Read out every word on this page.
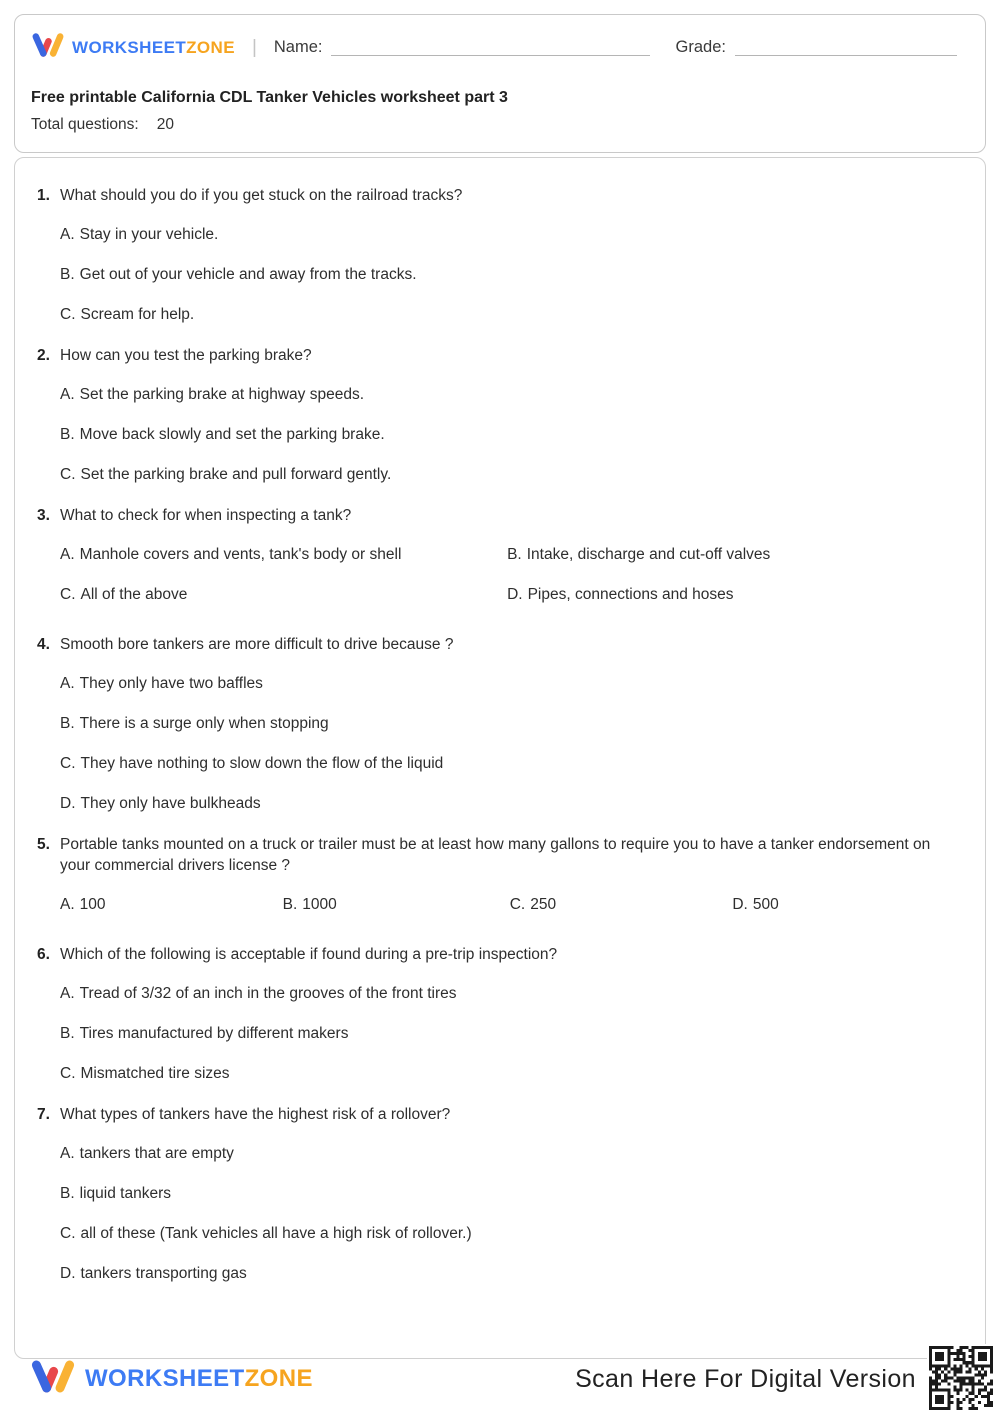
WORKSHEETZONE | Name:	Grade:
Free printable California CDL Tanker Vehicles worksheet part 3
Total questions: 20
1. What should you do if you get stuck on the railroad tracks?
A. Stay in your vehicle.
B. Get out of your vehicle and away from the tracks.
C. Scream for help.
2. How can you test the parking brake?
A. Set the parking brake at highway speeds.
B. Move back slowly and set the parking brake.
C. Set the parking brake and pull forward gently.
3. What to check for when inspecting a tank?
A. Manhole covers and vents, tank's body or shell	B. Intake, discharge and cut-off valves
C. All of the above	D. Pipes, connections and hoses
4. Smooth bore tankers are more difficult to drive because ?
A. They only have two baffles
B. There is a surge only when stopping
C. They have nothing to slow down the flow of the liquid
D. They only have bulkheads
5. Portable tanks mounted on a truck or trailer must be at least how many gallons to require you to have a tanker endorsement on your commercial drivers license ?
A. 100	B. 1000	C. 250	D. 500
6. Which of the following is acceptable if found during a pre-trip inspection?
A. Tread of 3/32 of an inch in the grooves of the front tires
B. Tires manufactured by different makers
C. Mismatched tire sizes
7. What types of tankers have the highest risk of a rollover?
A. tankers that are empty
B. liquid tankers
C. all of these (Tank vehicles all have a high risk of rollover.)
D. tankers transporting gas
WORKSHEETZONE	Scan Here For Digital Version
